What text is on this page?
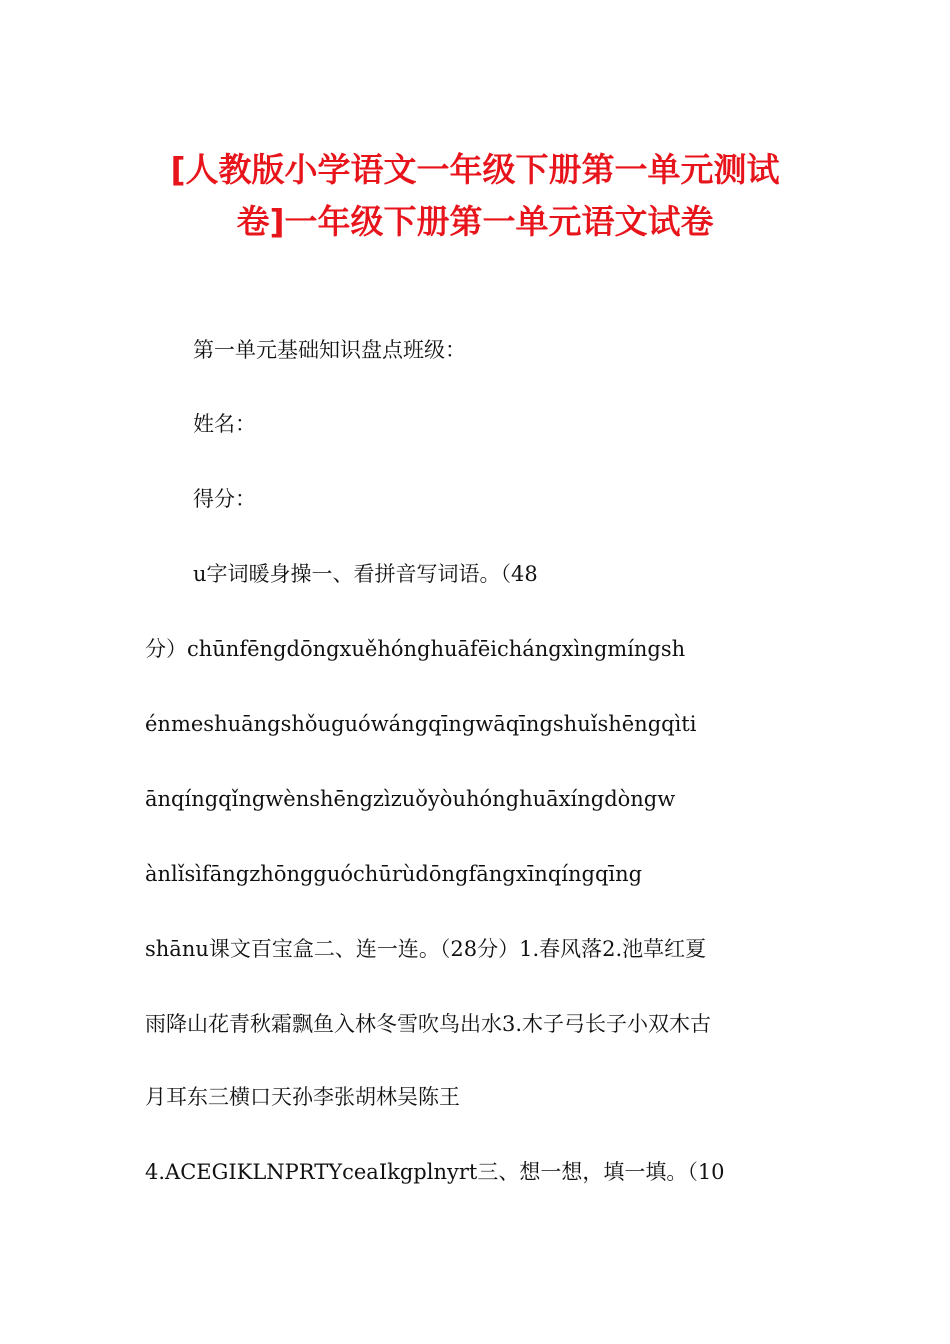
[人教版小学语文一年级下册第一单元测试
卷]一年级下册第一单元语文试卷
第一单元基础知识盘点班级：
姓名：
得分：
u字词暖身操一、看拼音写词语。（48
分）chūnfēngdōngxuěhónghuāfēichángxìngmíngsh
énmeshuāngshǒuguówángqīngwāqīngshuǐshēngqìti
ānqíngqǐngwènshēngzìzuǒyòuhónghuāxíngdòngw
ànlǐsìfāngzhōngguóchūrùdōngfāngxīnqíngqīng
shānu课文百宝盒二、连一连。（28分）1.春风落2.池草红夏
雨降山花青秋霜飘鱼入林冬雪吹鸟出水3.木子弓长子小双木古
月耳东三横口天孙李张胡林吴陈王
4.ACEGIKLNPRTYceaIkgplnyrt三、想一想，填一填。（10
